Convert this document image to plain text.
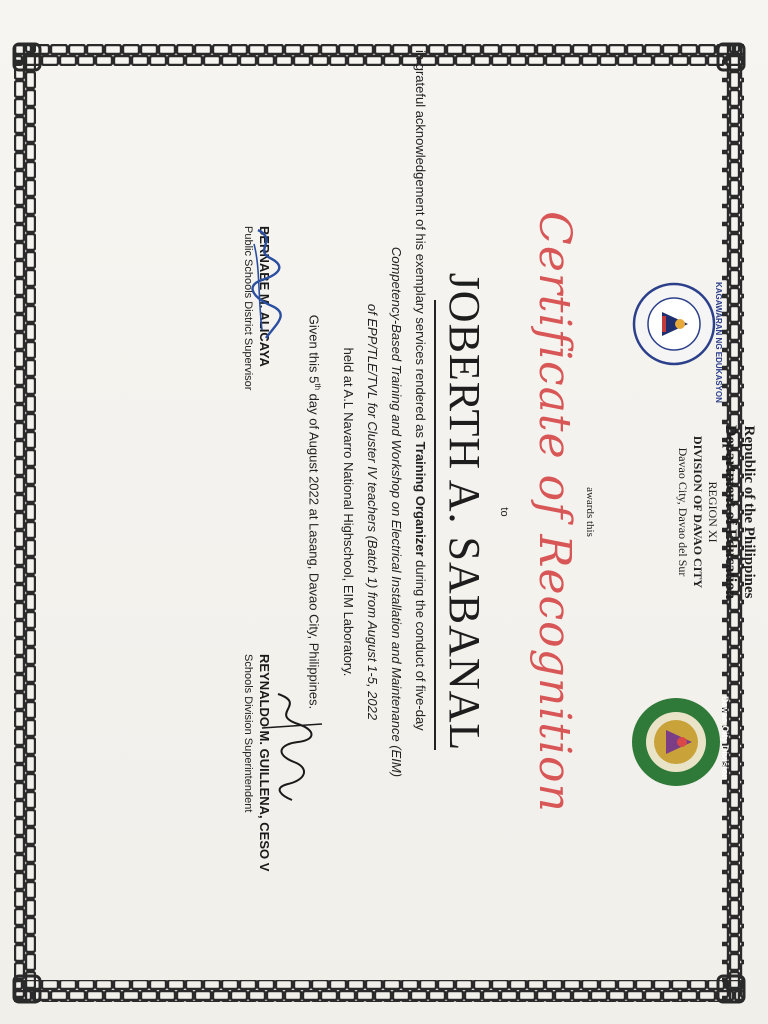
KAGAWARAN NG EDUKASYON
Republic of the Philippines
Department of Education
REGION XI
DIVISION OF DAVAO CITY
Davao City, Davao del Sur
Davao City Division
awards this
Certificate of Recognition
to
JOBERTH A. SABANAL
in grateful acknowledgement of his exemplary services rendered as Training Organizer during the conduct of five-day
Competency-Based Training and Workshop on Electrical Installation and Maintenance (EIM)
of EPP/TLE/TVL for Cluster IV teachers (Batch 1) from August 1-5, 2022
held at A.L Navarro National Highschool, EIM Laboratory.
Given this 5th day of August 2022 at Lasang, Davao City, Philippines.
BERNABE M. ALICAYA
Public Schools District Supervisor
REYNALDO M. GUILLENA, CESO V
Schools Division Superintendent
